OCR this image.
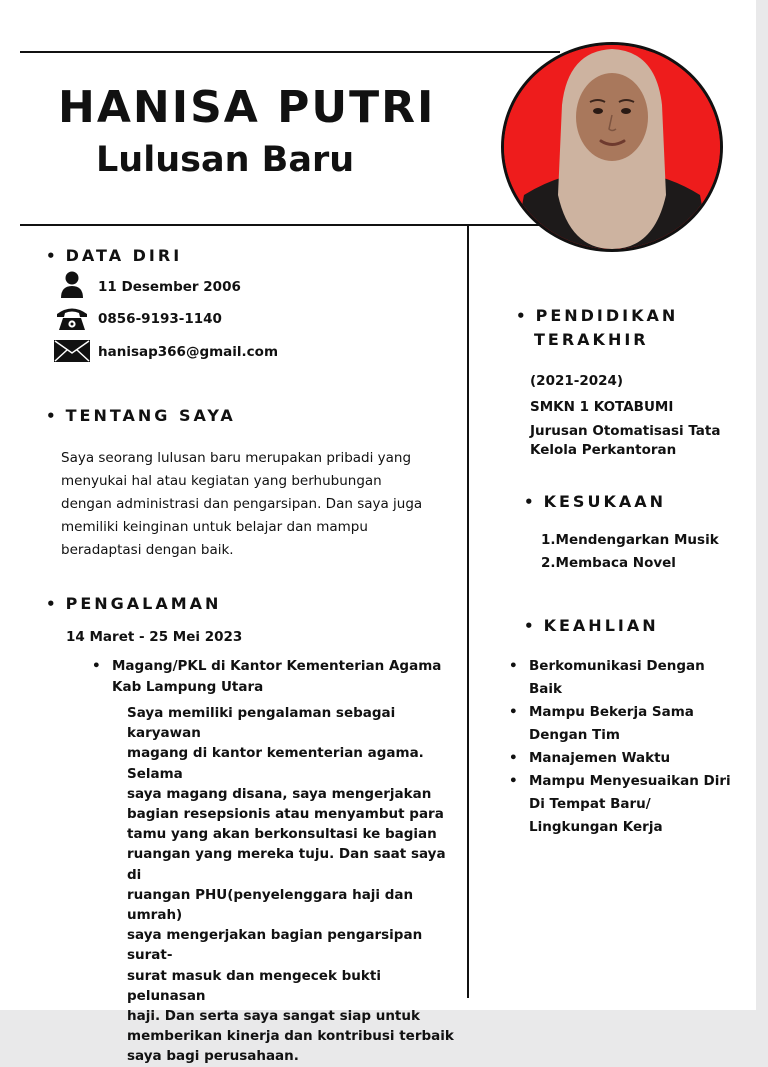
HANISA PUTRI
Lulusan Baru
• DATA DIRI
11 Desember 2006
0856-9193-1140
hanisap366@gmail.com
• TENTANG SAYA
Saya seorang lulusan baru merupakan pribadi yang
menyukai hal atau kegiatan yang berhubungan
dengan administrasi dan pengarsipan. Dan saya juga
memiliki keinginan untuk belajar dan mampu
beradaptasi dengan baik.
• PENGALAMAN
14 Maret - 25 Mei 2023
• Magang/PKL di Kantor Kementerian Agama
Kab Lampung Utara
Saya memiliki pengalaman sebagai karyawan
magang di kantor kementerian agama. Selama
saya magang disana, saya mengerjakan
bagian resepsionis atau menyambut para
tamu yang akan berkonsultasi ke bagian
ruangan yang mereka tuju. Dan saat saya di
ruangan PHU(penyelenggara haji dan umrah)
saya mengerjakan bagian pengarsipan surat-
surat masuk dan mengecek bukti pelunasan
haji. Dan serta saya sangat siap untuk
memberikan kinerja dan kontribusi terbaik
saya bagi perusahaan.
• PENDIDIKAN
TERAKHIR
(2021-2024)
SMKN 1 KOTABUMI
Jurusan Otomatisasi Tata
Kelola Perkantoran
• KESUKAAN
1.Mendengarkan Musik
2.Membaca Novel
• KEAHLIAN
• Berkomunikasi Dengan
Baik
• Mampu Bekerja Sama
Dengan Tim
• Manajemen Waktu
• Mampu Menyesuaikan Diri
Di Tempat Baru/
Lingkungan Kerja
